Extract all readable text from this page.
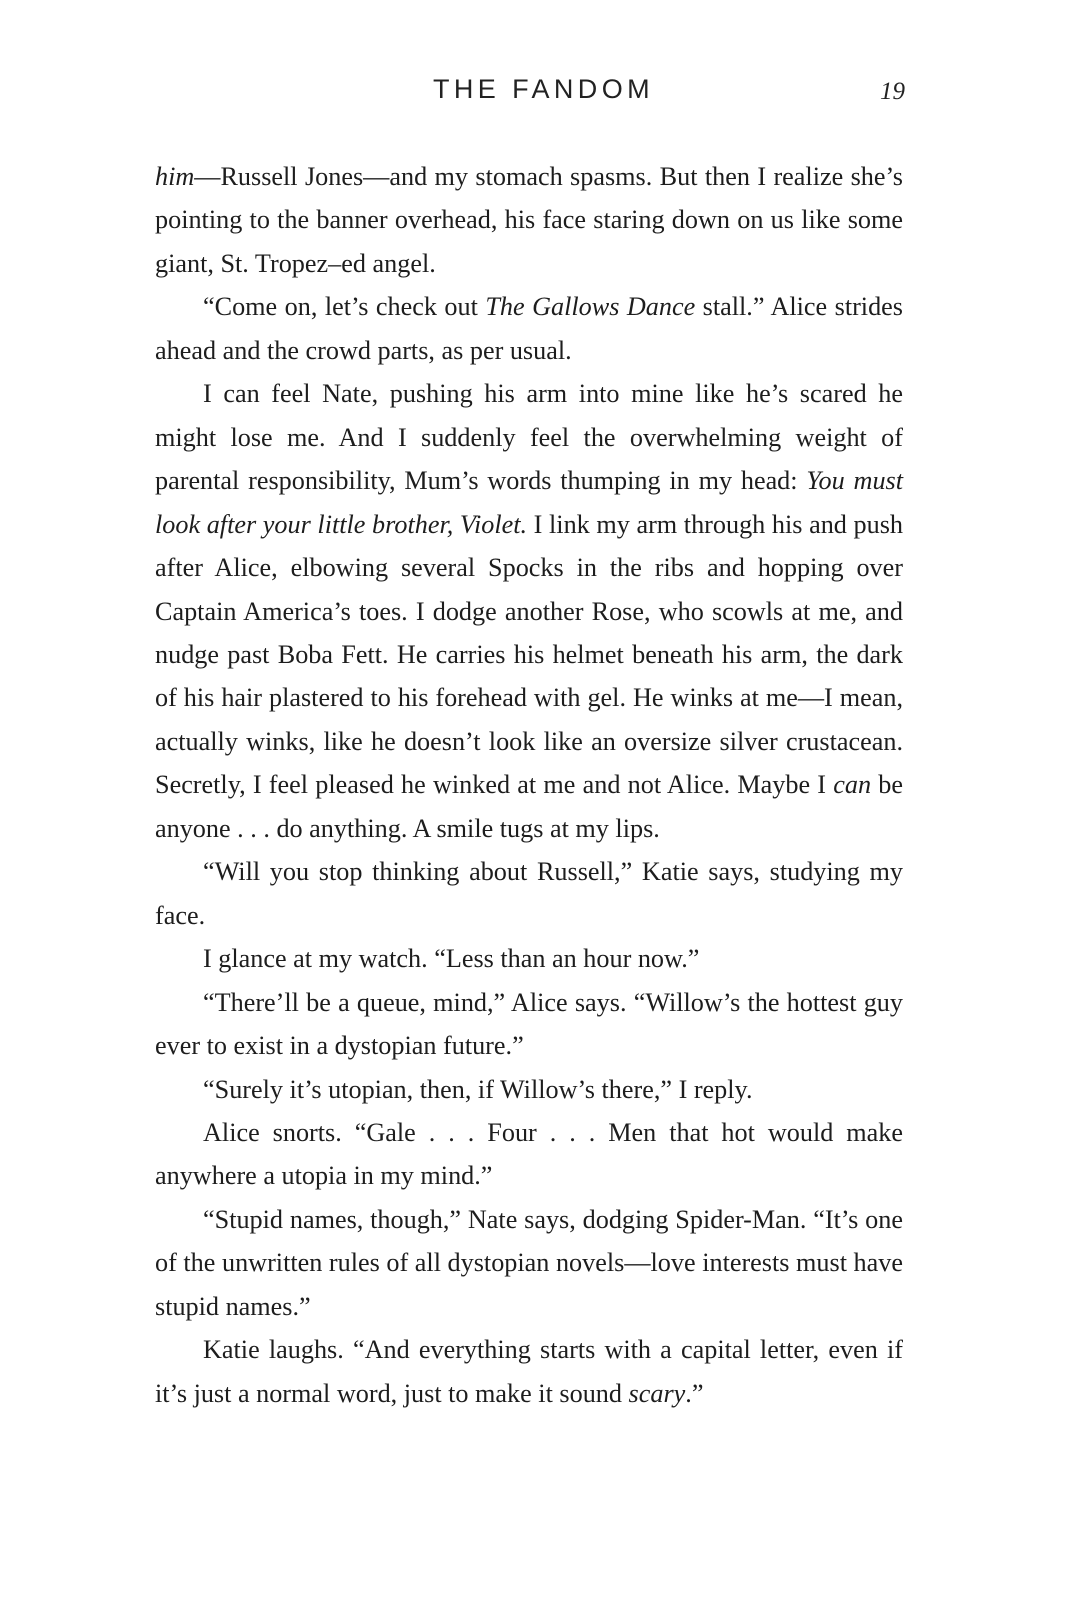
THE FANDOM	19

him—Russell Jones—and my stomach spasms. But then I realize she’s pointing to the banner overhead, his face staring down on us like some giant, St. Tropez–ed angel.

“Come on, let’s check out The Gallows Dance stall.” Alice strides ahead and the crowd parts, as per usual.

I can feel Nate, pushing his arm into mine like he’s scared he might lose me. And I suddenly feel the overwhelming weight of parental responsibility, Mum’s words thumping in my head: You must look after your little brother, Violet. I link my arm through his and push after Alice, elbowing several Spocks in the ribs and hopping over Captain America’s toes. I dodge another Rose, who scowls at me, and nudge past Boba Fett. He carries his helmet beneath his arm, the dark of his hair plastered to his forehead with gel. He winks at me—I mean, actually winks, like he doesn’t look like an oversize silver crustacean. Secretly, I feel pleased he winked at me and not Alice. Maybe I can be anyone . . . do anything. A smile tugs at my lips.

“Will you stop thinking about Russell,” Katie says, studying my face.

I glance at my watch. “Less than an hour now.”

“There’ll be a queue, mind,” Alice says. “Willow’s the hottest guy ever to exist in a dystopian future.”

“Surely it’s utopian, then, if Willow’s there,” I reply.

Alice snorts. “Gale . . . Four . . . Men that hot would make anywhere a utopia in my mind.”

“Stupid names, though,” Nate says, dodging Spider-Man. “It’s one of the unwritten rules of all dystopian novels—love interests must have stupid names.”

Katie laughs. “And everything starts with a capital letter, even if it’s just a normal word, just to make it sound scary.”
